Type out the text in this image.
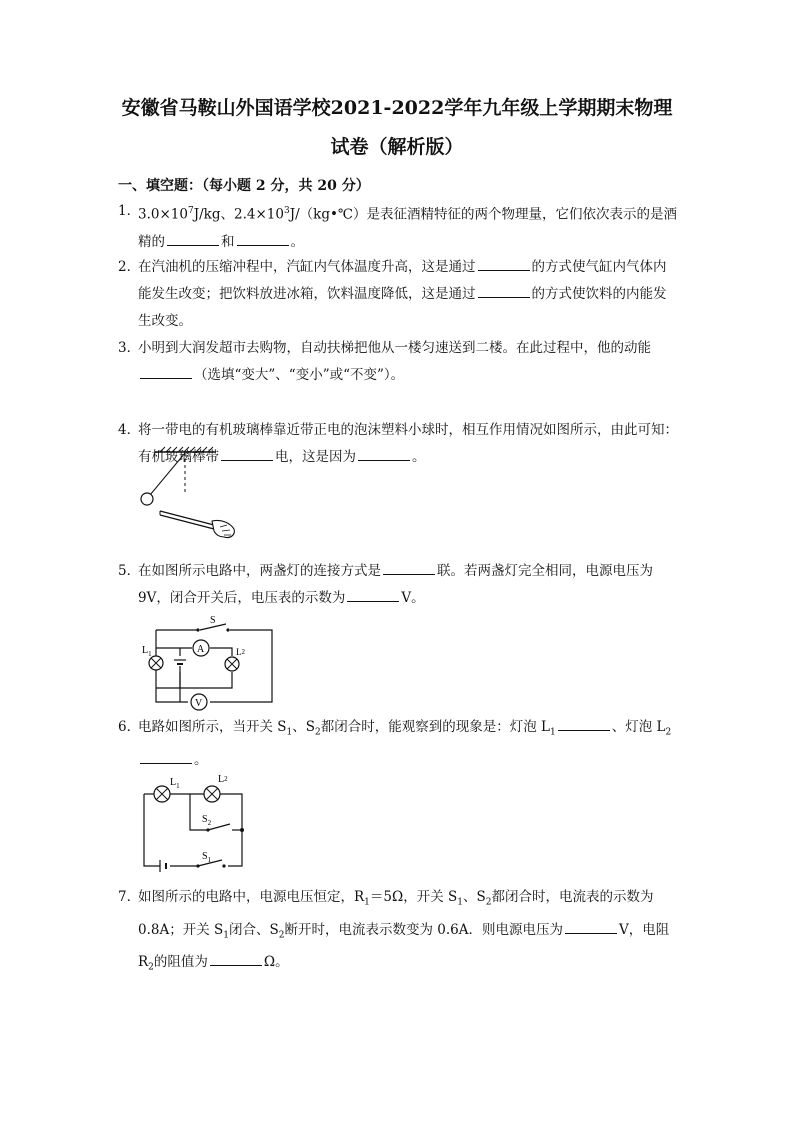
安徽省马鞍山外国语学校2021-2022学年九年级上学期期末物理
试卷（解析版）
一、填空题：（每小题 2 分，共 20 分）
1．
$3.0\times 10^7J/kg$、$2.4\times 10^3J/(kg•℃)$是表征酒精特征的两个物理量，它们依次表示的是酒精的	和	。
2．
在汽油机的压缩冲程中，汽缸内气体温度升高，这是通过	的方式使气缸内气体内能发生改变；把饮料放进冰箱，饮料温度降低，这是通过	的方式使饮料的内能发生改变。
3．
小明到大润发超市去购物，自动扶梯把他从一楼匀速送到二楼。在此过程中，他的动能（选填“变大”、“变小”或“不变”）。
4．
将一带电的有机玻璃棒靠近带正电的泡沫塑料小球时，相互作用情况如图所示，由此可知：有机玻璃棒带	电，这是因为	。
5．
在如图所示电路中，两盏灯的连接方式是	联。若两盏灯完全相同，电源电压为 9V，闭合开关后，电压表的示数为	V。
S
$L_1$	L2
A
V
6．
电路如图所示，当开关 $S_1$、$S_2$都闭合时，能观察到的现象是：灯泡 $L_1$	、灯泡 $L_2$。
$L_1$
L2
$S_2$
$S_1$
7．
如图所示的电路中，电源电压恒定，$R_1=5\Omega$，开关 $S_1$、$S_2$都闭合时，电流表的示数为 0.8A；开关 $S_1$闭合、$S_2$断开时，电流表示数变为 0.6A．则电源电压为	V，电阻 $R_2$的阻值为	Ω。
